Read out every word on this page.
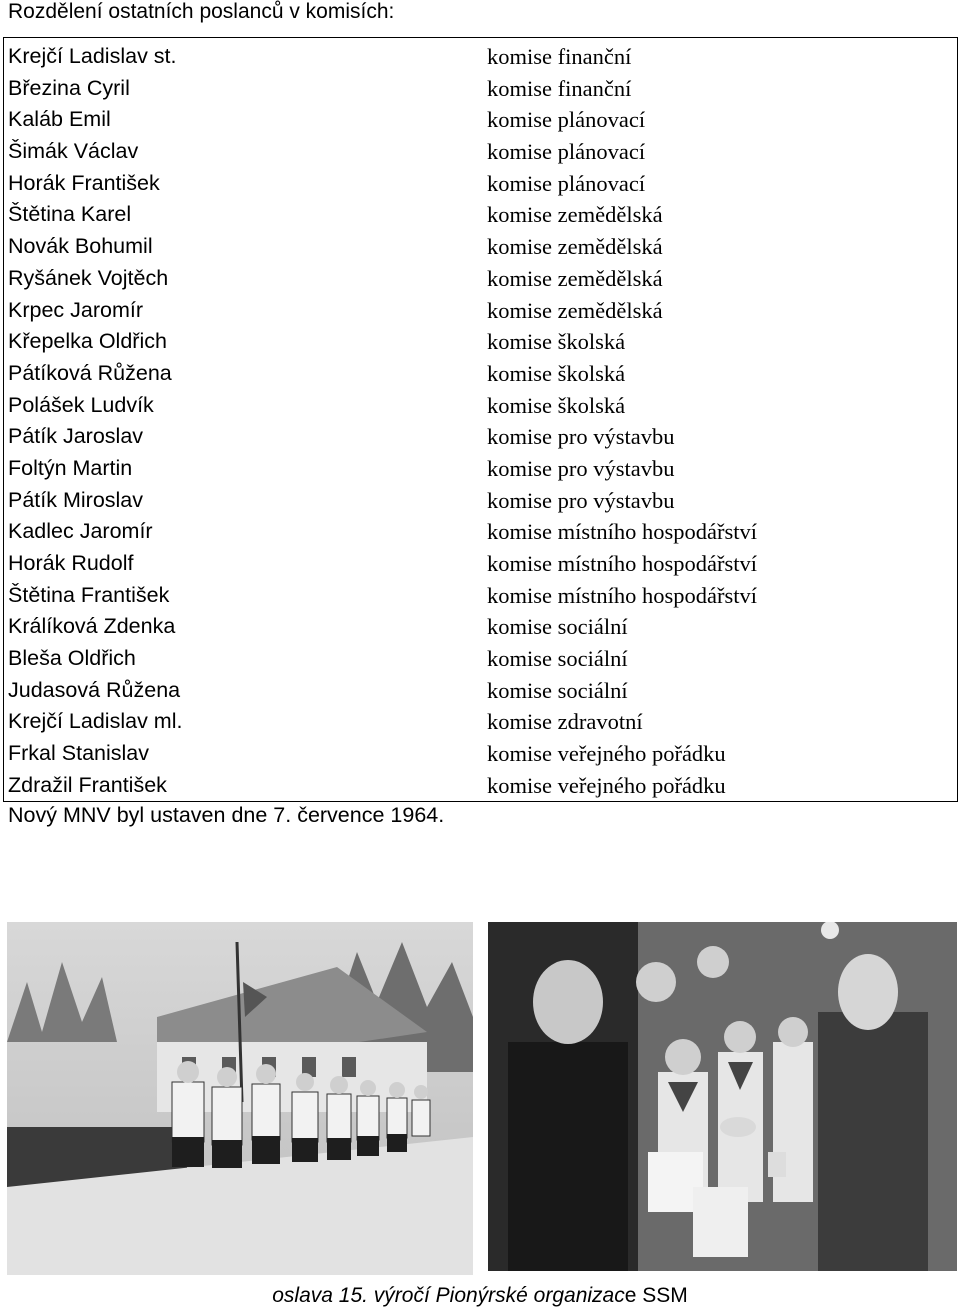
Rozdělení ostatních poslanců v komisích:
Krejčí Ladislav st.	komise finanční
Březina Cyril	komise finanční
Kaláb Emil	komise plánovací
Šimák Václav	komise plánovací
Horák František	komise plánovací
Štětina Karel	komise zemědělská
Novák Bohumil	komise zemědělská
Ryšánek Vojtěch	komise zemědělská
Krpec Jaromír	komise zemědělská
Křepelka Oldřich	komise školská
Pátíková Růžena	komise školská
Polášek Ludvík	komise školská
Pátík Jaroslav	komise pro výstavbu
Foltýn Martin	komise pro výstavbu
Pátík Miroslav	komise pro výstavbu
Kadlec Jaromír	komise místního hospodářství
Horák Rudolf	komise místního hospodářství
Štětina František	komise místního hospodářství
Králíková Zdenka	komise sociální
Bleša Oldřich	komise sociální
Judasová Růžena	komise sociální
Krejčí Ladislav ml.	komise zdravotní
Frkal Stanislav	komise veřejného pořádku
Zdražil František	komise veřejného pořádku
Nový MNV byl ustaven dne 7. července 1964.
oslava 15. výročí Pionýrské organizace SSM
